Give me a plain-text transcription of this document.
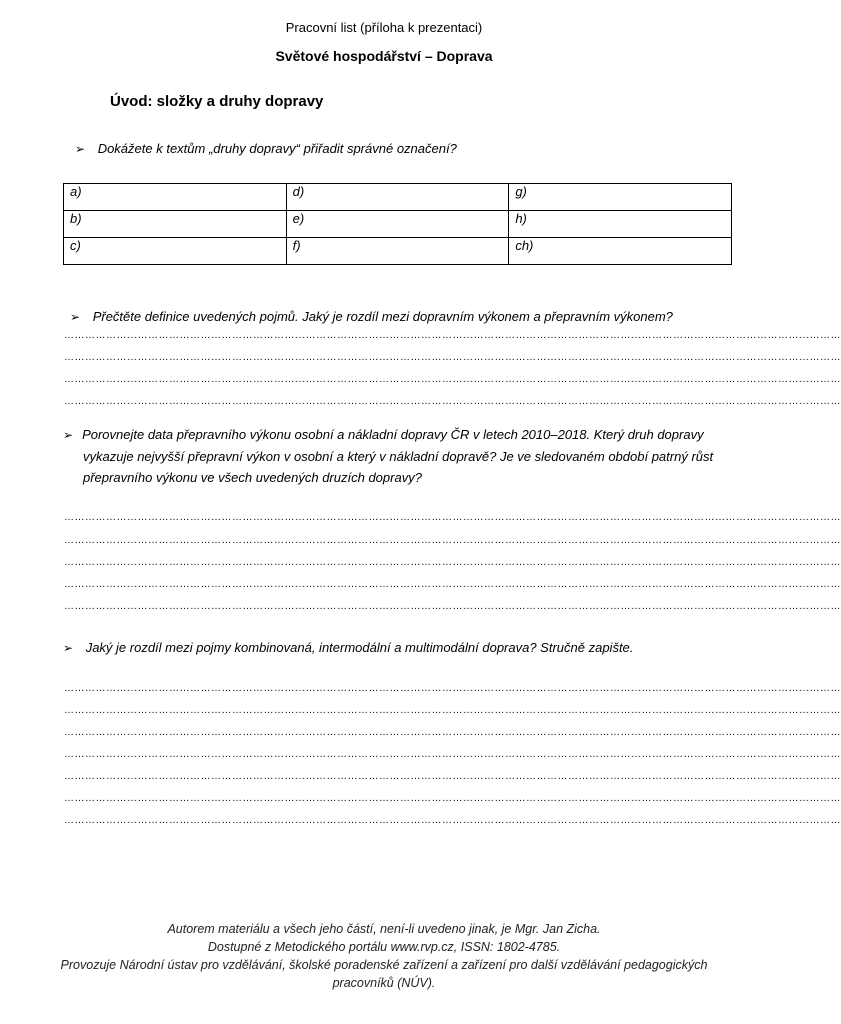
Pracovní list (příloha k prezentaci)
Světové hospodářství – Doprava
Úvod: složky a druhy dopravy
➢ Dokážete k textům „druhy dopravy“ přiřadit správné označení?
a)	d)	g)
b)	e)	h)
c)	f)	ch)
➢ Přečtěte definice uvedených pojmů. Jaký je rozdíl mezi dopravním výkonem a přepravním výkonem?
……………………………………………………………………………………………………………………………………………………………………………………………………
……………………………………………………………………………………………………………………………………………………………………………………………………
……………………………………………………………………………………………………………………………………………………………………………………………………
……………………………………………………………………………………………………………………………………………………………………………………………………
➢ Porovnejte data přepravního výkonu osobní a nákladní dopravy ČR v letech 2010–2018. Který druh dopravy vykazuje nejvyšší přepravní výkon v osobní a který v nákladní dopravě? Je ve sledovaném období patrný růst přepravního výkonu ve všech uvedených druzích dopravy?
……………………………………………………………………………………………………………………………………………………………………………………………………
……………………………………………………………………………………………………………………………………………………………………………………………………
……………………………………………………………………………………………………………………………………………………………………………………………………
……………………………………………………………………………………………………………………………………………………………………………………………………
……………………………………………………………………………………………………………………………………………………………………………………………………
➢ Jaký je rozdíl mezi pojmy kombinovaná, intermodální a multimodální doprava? Stručně zapište.
……………………………………………………………………………………………………………………………………………………………………………………………………
……………………………………………………………………………………………………………………………………………………………………………………………………
……………………………………………………………………………………………………………………………………………………………………………………………………
……………………………………………………………………………………………………………………………………………………………………………………………………
……………………………………………………………………………………………………………………………………………………………………………………………………
……………………………………………………………………………………………………………………………………………………………………………………………………
……………………………………………………………………………………………………………………………………………………………………………………………………
Autorem materiálu a všech jeho částí, není-li uvedeno jinak, je Mgr. Jan Zicha.
Dostupné z Metodického portálu www.rvp.cz, ISSN: 1802-4785.
Provozuje Národní ústav pro vzdělávání, školské poradenské zařízení a zařízení pro další vzdělávání pedagogických pracovníků (NÚV).
